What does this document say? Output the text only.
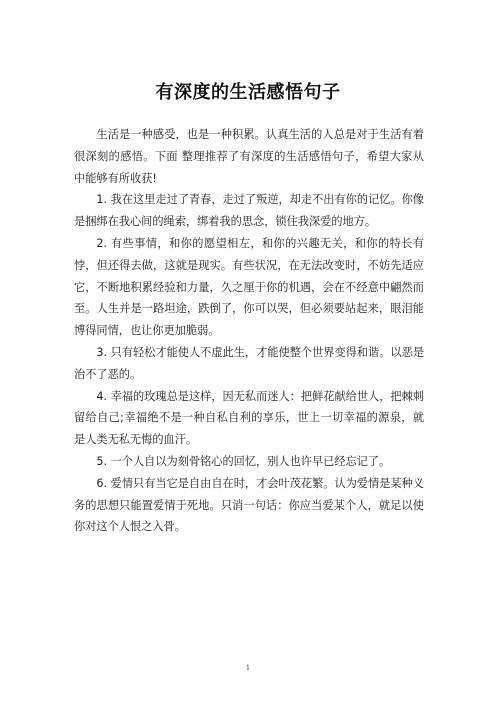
有深度的生活感悟句子

生活是一种感受，也是一种积累。认真生活的人总是对于生活有着很深刻的感悟。下面 整理推荐了有深度的生活感悟句子，希望大家从中能够有所收获!

1. 我在这里走过了青春，走过了叛逆，却走不出有你的记忆。你像是捆绑在我心间的绳索，绑着我的思念，锁住我深爱的地方。

2. 有些事情，和你的愿望相左，和你的兴趣无关，和你的特长有悖，但还得去做，这就是现实。有些状况，在无法改变时，不妨先适应它，不断地积累经验和力量，久之厘于你的机遇，会在不经意中翩然而至。人生并是一路坦途，跌倒了，你可以哭，但必须要站起来，眼泪能博得同情，也让你更加脆弱。

3. 只有轻松才能使人不虚此生，才能使整个世界变得和谐。以恶是治不了恶的。

4. 幸福的玫瑰总是这样，因无私而迷人：把鲜花献给世人，把棘刺留给自己;幸福绝不是一种自私自利的享乐，世上一切幸福的源泉，就是人类无私无悔的血汗。

5. 一个人自以为刻骨铭心的回忆，别人也许早已经忘记了。

6. 爱情只有当它是自由自在时，才会叶茂花繁。认为爱情是某种义务的思想只能置爱情于死地。只消一句话：你应当爱某个人，就足以使你对这个人恨之入骨。

1
